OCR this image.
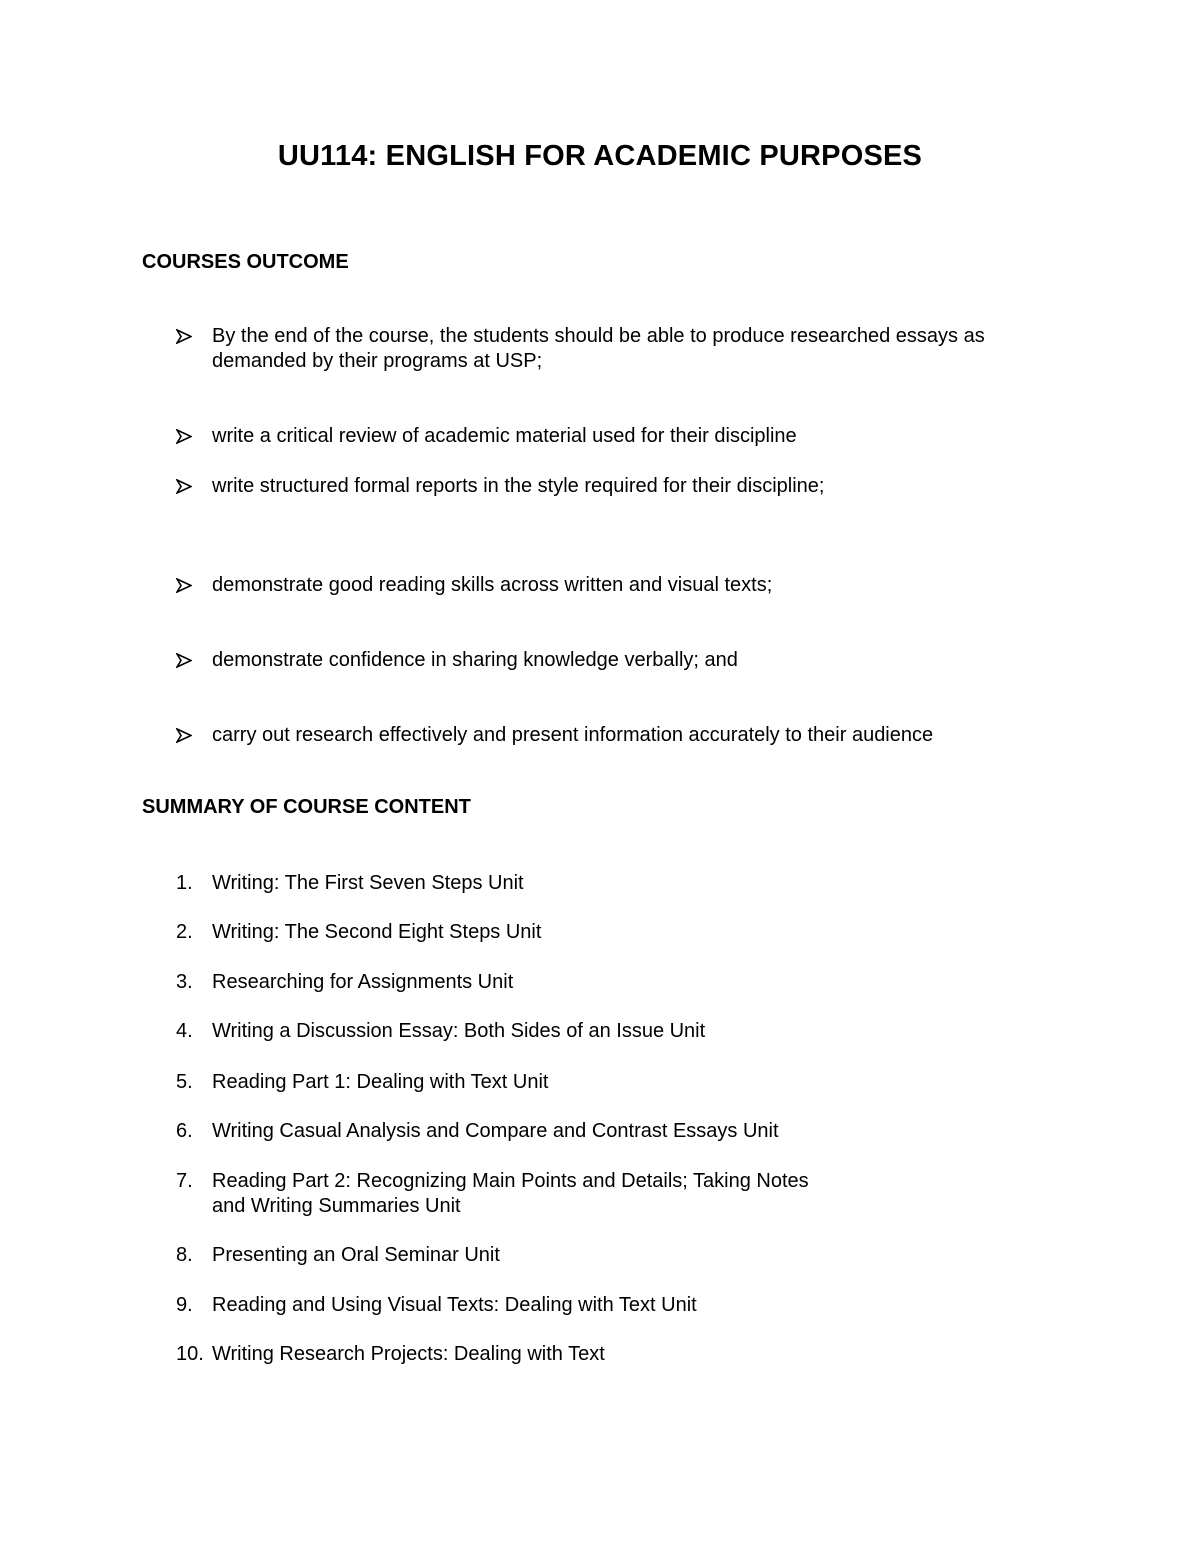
UU114: ENGLISH FOR ACADEMIC PURPOSES
COURSES OUTCOME
By the end of the course, the students should be able to produce researched essays as demanded by their programs at USP;
write a critical review of academic material used for their discipline
write structured formal reports in the style required for their discipline;
demonstrate good reading skills across written and visual texts;
demonstrate confidence in sharing knowledge verbally; and
carry out research effectively and present information accurately to their audience
SUMMARY OF COURSE CONTENT
1. Writing: The First Seven Steps Unit
2. Writing: The Second Eight Steps Unit
3. Researching for Assignments Unit
4. Writing a Discussion Essay: Both Sides of an Issue Unit
5. Reading Part 1: Dealing with Text Unit
6. Writing Casual Analysis and Compare and Contrast Essays Unit
7. Reading Part 2: Recognizing Main Points and Details; Taking Notes and Writing Summaries Unit
8. Presenting an Oral Seminar Unit
9. Reading and Using Visual Texts: Dealing with Text Unit
10. Writing Research Projects: Dealing with Text
